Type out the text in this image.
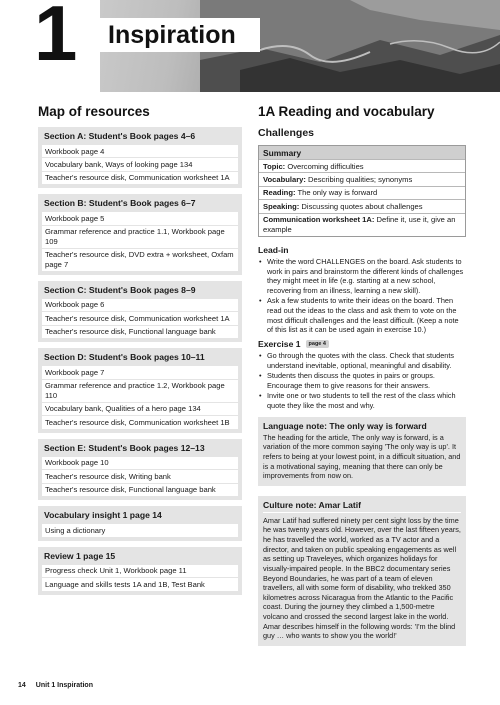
1 Inspiration
Map of resources
Section A: Student's Book pages 4–6
Workbook page 4
Vocabulary bank, Ways of looking page 134
Teacher's resource disk, Communication worksheet 1A
Section B: Student's Book pages 6–7
Workbook page 5
Grammar reference and practice 1.1, Workbook page 109
Teacher's resource disk, DVD extra + worksheet, Oxfam page 7
Section C: Student's Book pages 8–9
Workbook page 6
Teacher's resource disk, Communication worksheet 1A
Teacher's resource disk, Functional language bank
Section D: Student's Book pages 10–11
Workbook page 7
Grammar reference and practice 1.2, Workbook page 110
Vocabulary bank, Qualities of a hero page 134
Teacher's resource disk, Communication worksheet 1B
Section E: Student's Book pages 12–13
Workbook page 10
Teacher's resource disk, Writing bank
Teacher's resource disk, Functional language bank
Vocabulary insight 1 page 14
Using a dictionary
Review 1 page 15
Progress check Unit 1, Workbook page 11
Language and skills tests 1A and 1B, Test Bank
1A Reading and vocabulary
Challenges
Summary
Topic: Overcoming difficulties
Vocabulary: Describing qualities; synonyms
Reading: The only way is forward
Speaking: Discussing quotes about challenges
Communication worksheet 1A: Define it, use it, give an example
Lead-in
• Write the word CHALLENGES on the board. Ask students to work in pairs and brainstorm the different kinds of challenges they might meet in life (e.g. starting at a new school, recovering from an illness, learning a new skill).
• Ask a few students to write their ideas on the board. Then read out the ideas to the class and ask them to vote on the most difficult challenges and the least difficult. (Keep a note of this list as it can be used again in exercise 10.)
Exercise 1	page 4
• Go through the quotes with the class. Check that students understand inevitable, optional, meaningful and disability.
• Students then discuss the quotes in pairs or groups. Encourage them to give reasons for their answers.
• Invite one or two students to tell the rest of the class which quote they like the most and why.
Language note: The only way is forward
The heading for the article, The only way is forward, is a variation of the more common saying 'The only way is up'. It refers to being at your lowest point, in a difficult situation, and is a motivational saying, meaning that there can only be improvements from now on.
Culture note: Amar Latif
Amar Latif had suffered ninety per cent sight loss by the time he was twenty years old. However, over the last fifteen years, he has travelled the world, worked as a TV actor and a director, and taken on public speaking engagements as well as setting up Traveleyes, which organizes holidays for visually-impaired people. In the BBC2 documentary series Beyond Boundaries, he was part of a team of eleven travellers, all with some form of disability, who trekked 350 kilometres across Nicaragua from the Atlantic to the Pacific coast. During the journey they climbed a 1,500-metre volcano and crossed the second largest lake in the world. Amar describes himself in the following words: 'I'm the blind guy … who wants to show you the world!'
14 Unit 1 Inspiration
